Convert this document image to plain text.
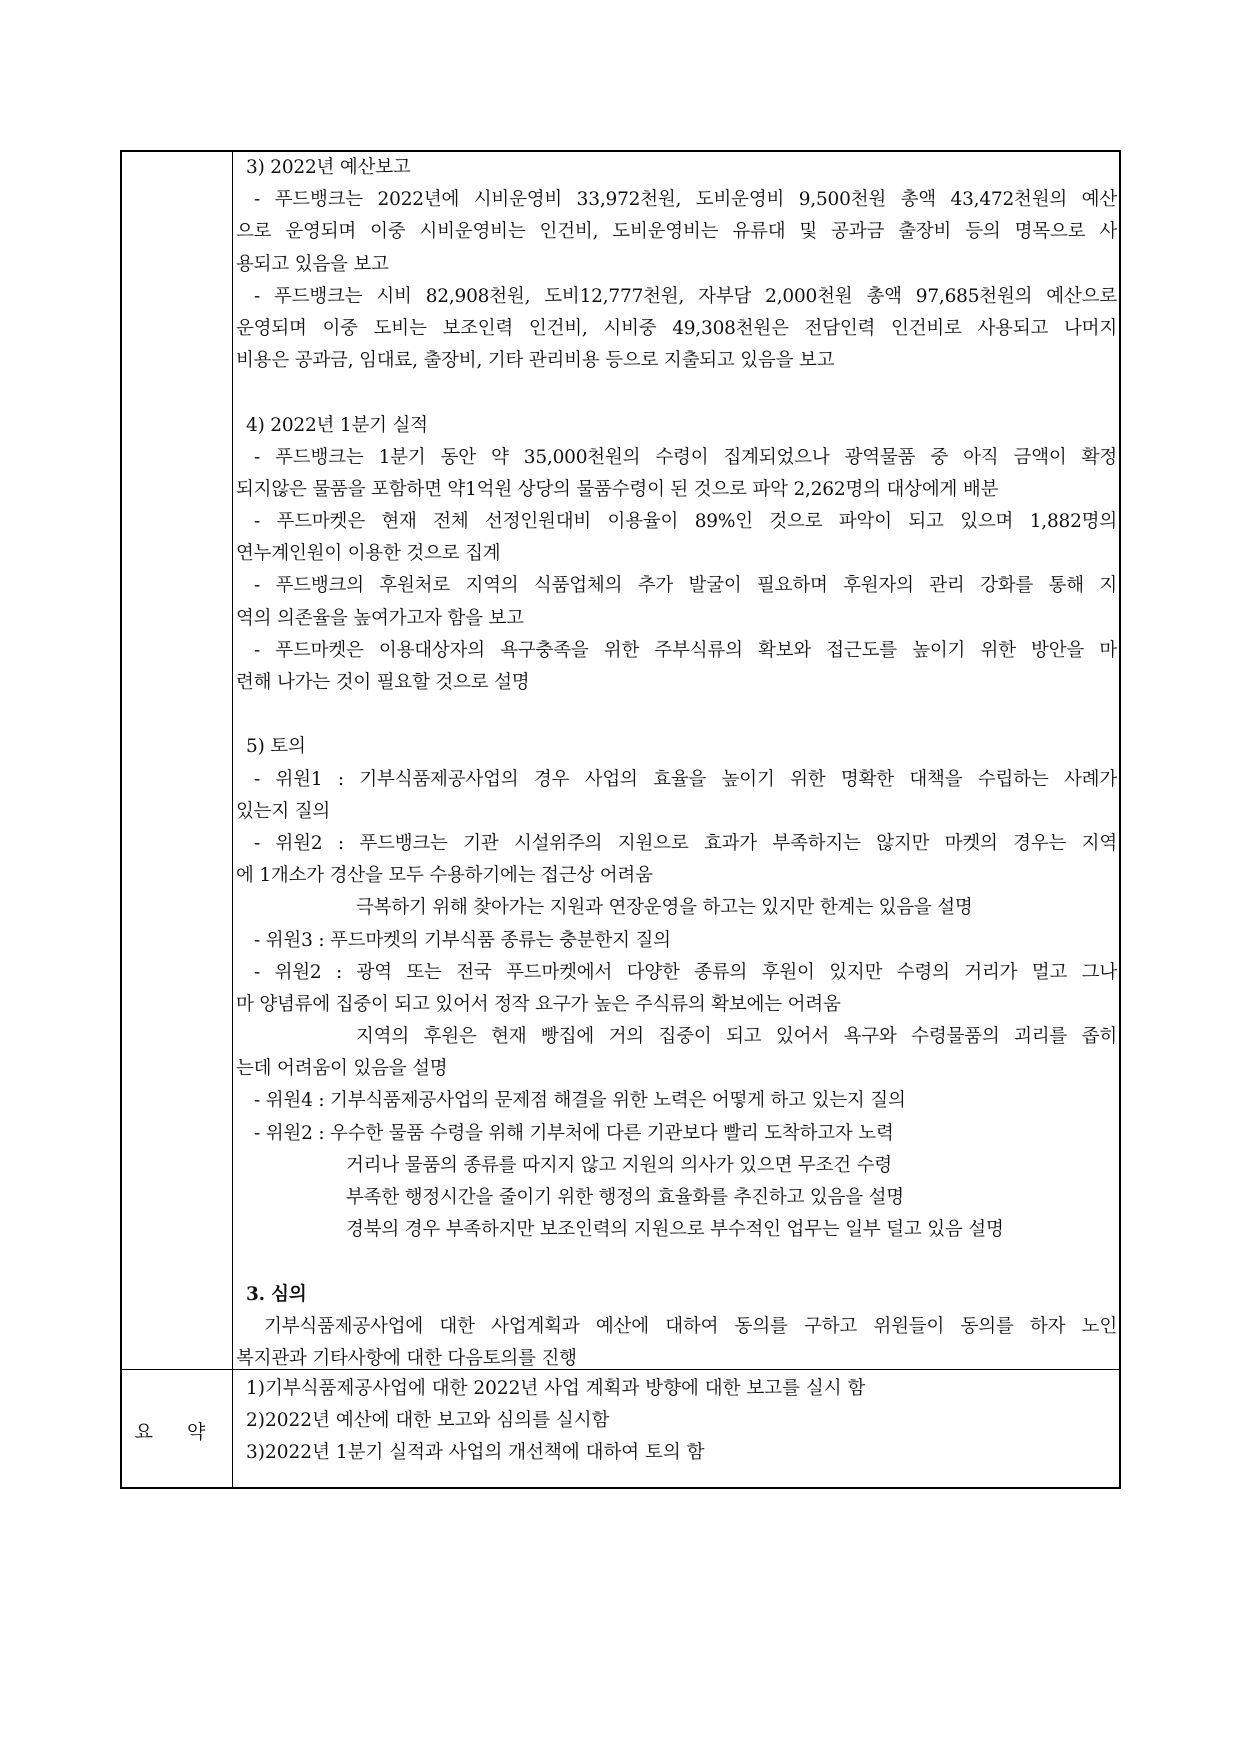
3) 2022년 예산보고
- 푸드뱅크는 2022년에 시비운영비 33,972천원, 도비운영비 9,500천원 총액 43,472천원의 예산
으로 운영되며 이중 시비운영비는 인건비, 도비운영비는 유류대 및 공과금 출장비 등의 명목으로 사
용되고 있음을 보고
- 푸드뱅크는 시비 82,908천원, 도비12,777천원, 자부담 2,000천원 총액 97,685천원의 예산으로
운영되며 이중 도비는 보조인력 인건비, 시비중 49,308천원은 전담인력 인건비로 사용되고 나머지
비용은 공과금, 임대료, 출장비, 기타 관리비용 등으로 지출되고 있음을 보고
4) 2022년 1분기 실적
- 푸드뱅크는 1분기 동안 약 35,000천원의 수령이 집계되었으나 광역물품 중 아직 금액이 확정
되지않은 물품을 포함하면 약1억원 상당의 물품수령이 된 것으로 파악 2,262명의 대상에게 배분
- 푸드마켓은 현재 전체 선정인원대비 이용율이 89%인 것으로 파악이 되고 있으며 1,882명의
연누계인원이 이용한 것으로 집계
- 푸드뱅크의 후원처로 지역의 식품업체의 추가 발굴이 필요하며 후원자의 관리 강화를 통해 지
역의 의존율을 높여가고자 함을 보고
- 푸드마켓은 이용대상자의 욕구충족을 위한 주부식류의 확보와 접근도를 높이기 위한 방안을 마
련해 나가는 것이 필요할 것으로 설명
5) 토의
- 위원1 : 기부식품제공사업의 경우 사업의 효율을 높이기 위한 명확한 대책을 수립하는 사례가
있는지 질의
- 위원2 : 푸드뱅크는 기관 시설위주의 지원으로 효과가 부족하지는 않지만 마켓의 경우는 지역
에 1개소가 경산을 모두 수용하기에는 접근상 어려움
극복하기 위해 찾아가는 지원과 연장운영을 하고는 있지만 한계는 있음을 설명
- 위원3 : 푸드마켓의 기부식품 종류는 충분한지 질의
- 위원2 : 광역 또는 전국 푸드마켓에서 다양한 종류의 후원이 있지만 수령의 거리가 멀고 그나
마 양념류에 집중이 되고 있어서 정작 요구가 높은 주식류의 확보에는 어려움
지역의 후원은 현재 빵집에 거의 집중이 되고 있어서 욕구와 수령물품의 괴리를 좁히
는데 어려움이 있음을 설명
- 위원4 : 기부식품제공사업의 문제점 해결을 위한 노력은 어떻게 하고 있는지 질의
- 위원2 : 우수한 물품 수령을 위해 기부처에 다른 기관보다 빨리 도착하고자 노력
거리나 물품의 종류를 따지지 않고 지원의 의사가 있으면 무조건 수령
부족한 행정시간을 줄이기 위한 행정의 효율화를 추진하고 있음을 설명
경북의 경우 부족하지만 보조인력의 지원으로 부수적인 업무는 일부 덜고 있음 설명
3. 심의
기부식품제공사업에 대한 사업계획과 예산에 대하여 동의를 구하고 위원들이 동의를 하자 노인
복지관과 기타사항에 대한 다음토의를 진행
요 약
1)기부식품제공사업에 대한 2022년 사업 계획과 방향에 대한 보고를 실시 함
2)2022년 예산에 대한 보고와 심의를 실시함
3)2022년 1분기 실적과 사업의 개선책에 대하여 토의 함
